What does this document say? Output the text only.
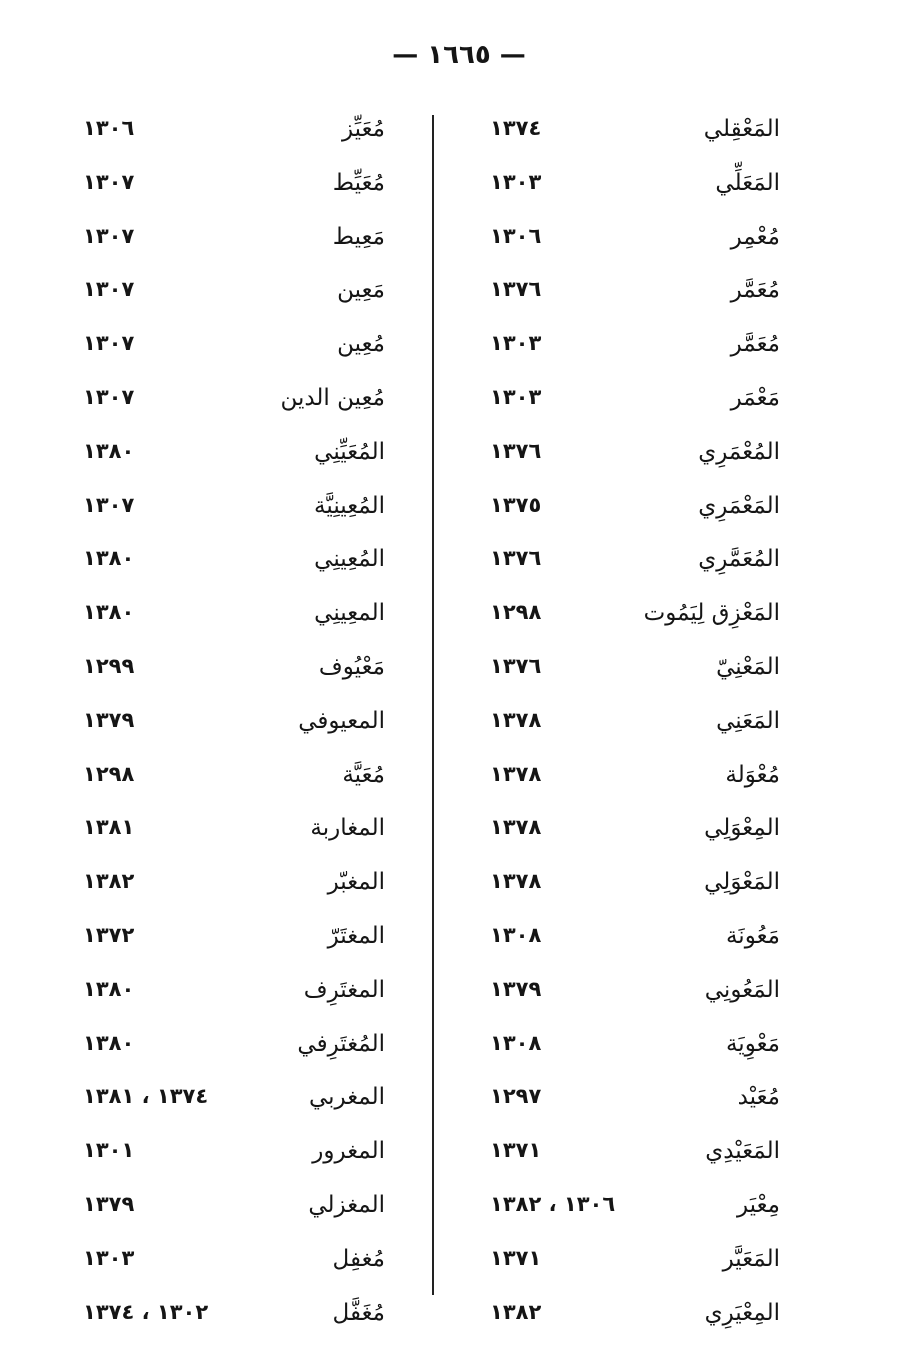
— ١٦٦٥ —
المَعْقِلي
١٣٧٤
المَعَلِّي
١٣٠٣
مُعْمِر
١٣٠٦
مُعَمَّر
١٣٧٦
مُعَمَّر
١٣٠٣
مَعْمَر
١٣٠٣
المُعْمَرِي
١٣٧٦
المَعْمَرِي
١٣٧٥
المُعَمَّرِي
١٣٧٦
المَعْزِق لِيَمُوت
١٢٩٨
المَعْنِيّ
١٣٧٦
المَعَنِي
١٣٧٨
مُعْوَلة
١٣٧٨
المِعْوَلِي
١٣٧٨
المَعْوَلِي
١٣٧٨
مَعُونَة
١٣٠٨
المَعُونِي
١٣٧٩
مَعْوِيَة
١٣٠٨
مُعَيْد
١٢٩٧
المَعَيْدِي
١٣٧١
مِعْيَر
١٣٠٦ ، ١٣٨٢
المَعَيَّر
١٣٧١
المِعْيَرِي
١٣٨٢
مُعَيِّز
١٣٠٦
مُعَيِّط
١٣٠٧
مَعِيط
١٣٠٧
مَعِين
١٣٠٧
مُعِين
١٣٠٧
مُعِين الدين
١٣٠٧
المُعَيِّنِي
١٣٨٠
المُعِينِيَّة
١٣٠٧
المُعِينِي
١٣٨٠
المعِينِي
١٣٨٠
مَعْيُوف
١٢٩٩
المعيوفي
١٣٧٩
مُعَيَّة
١٢٩٨
المغاربة
١٣٨١
المغبّر
١٣٨٢
المغتَرّ
١٣٧٢
المغتَرِف
١٣٨٠
المُغتَرِفي
١٣٨٠
المغربي
١٣٧٤ ، ١٣٨١
المغرور
١٣٠١
المغزلي
١٣٧٩
مُغفِل
١٣٠٣
مُغَفَّل
١٣٠٢ ، ١٣٧٤
